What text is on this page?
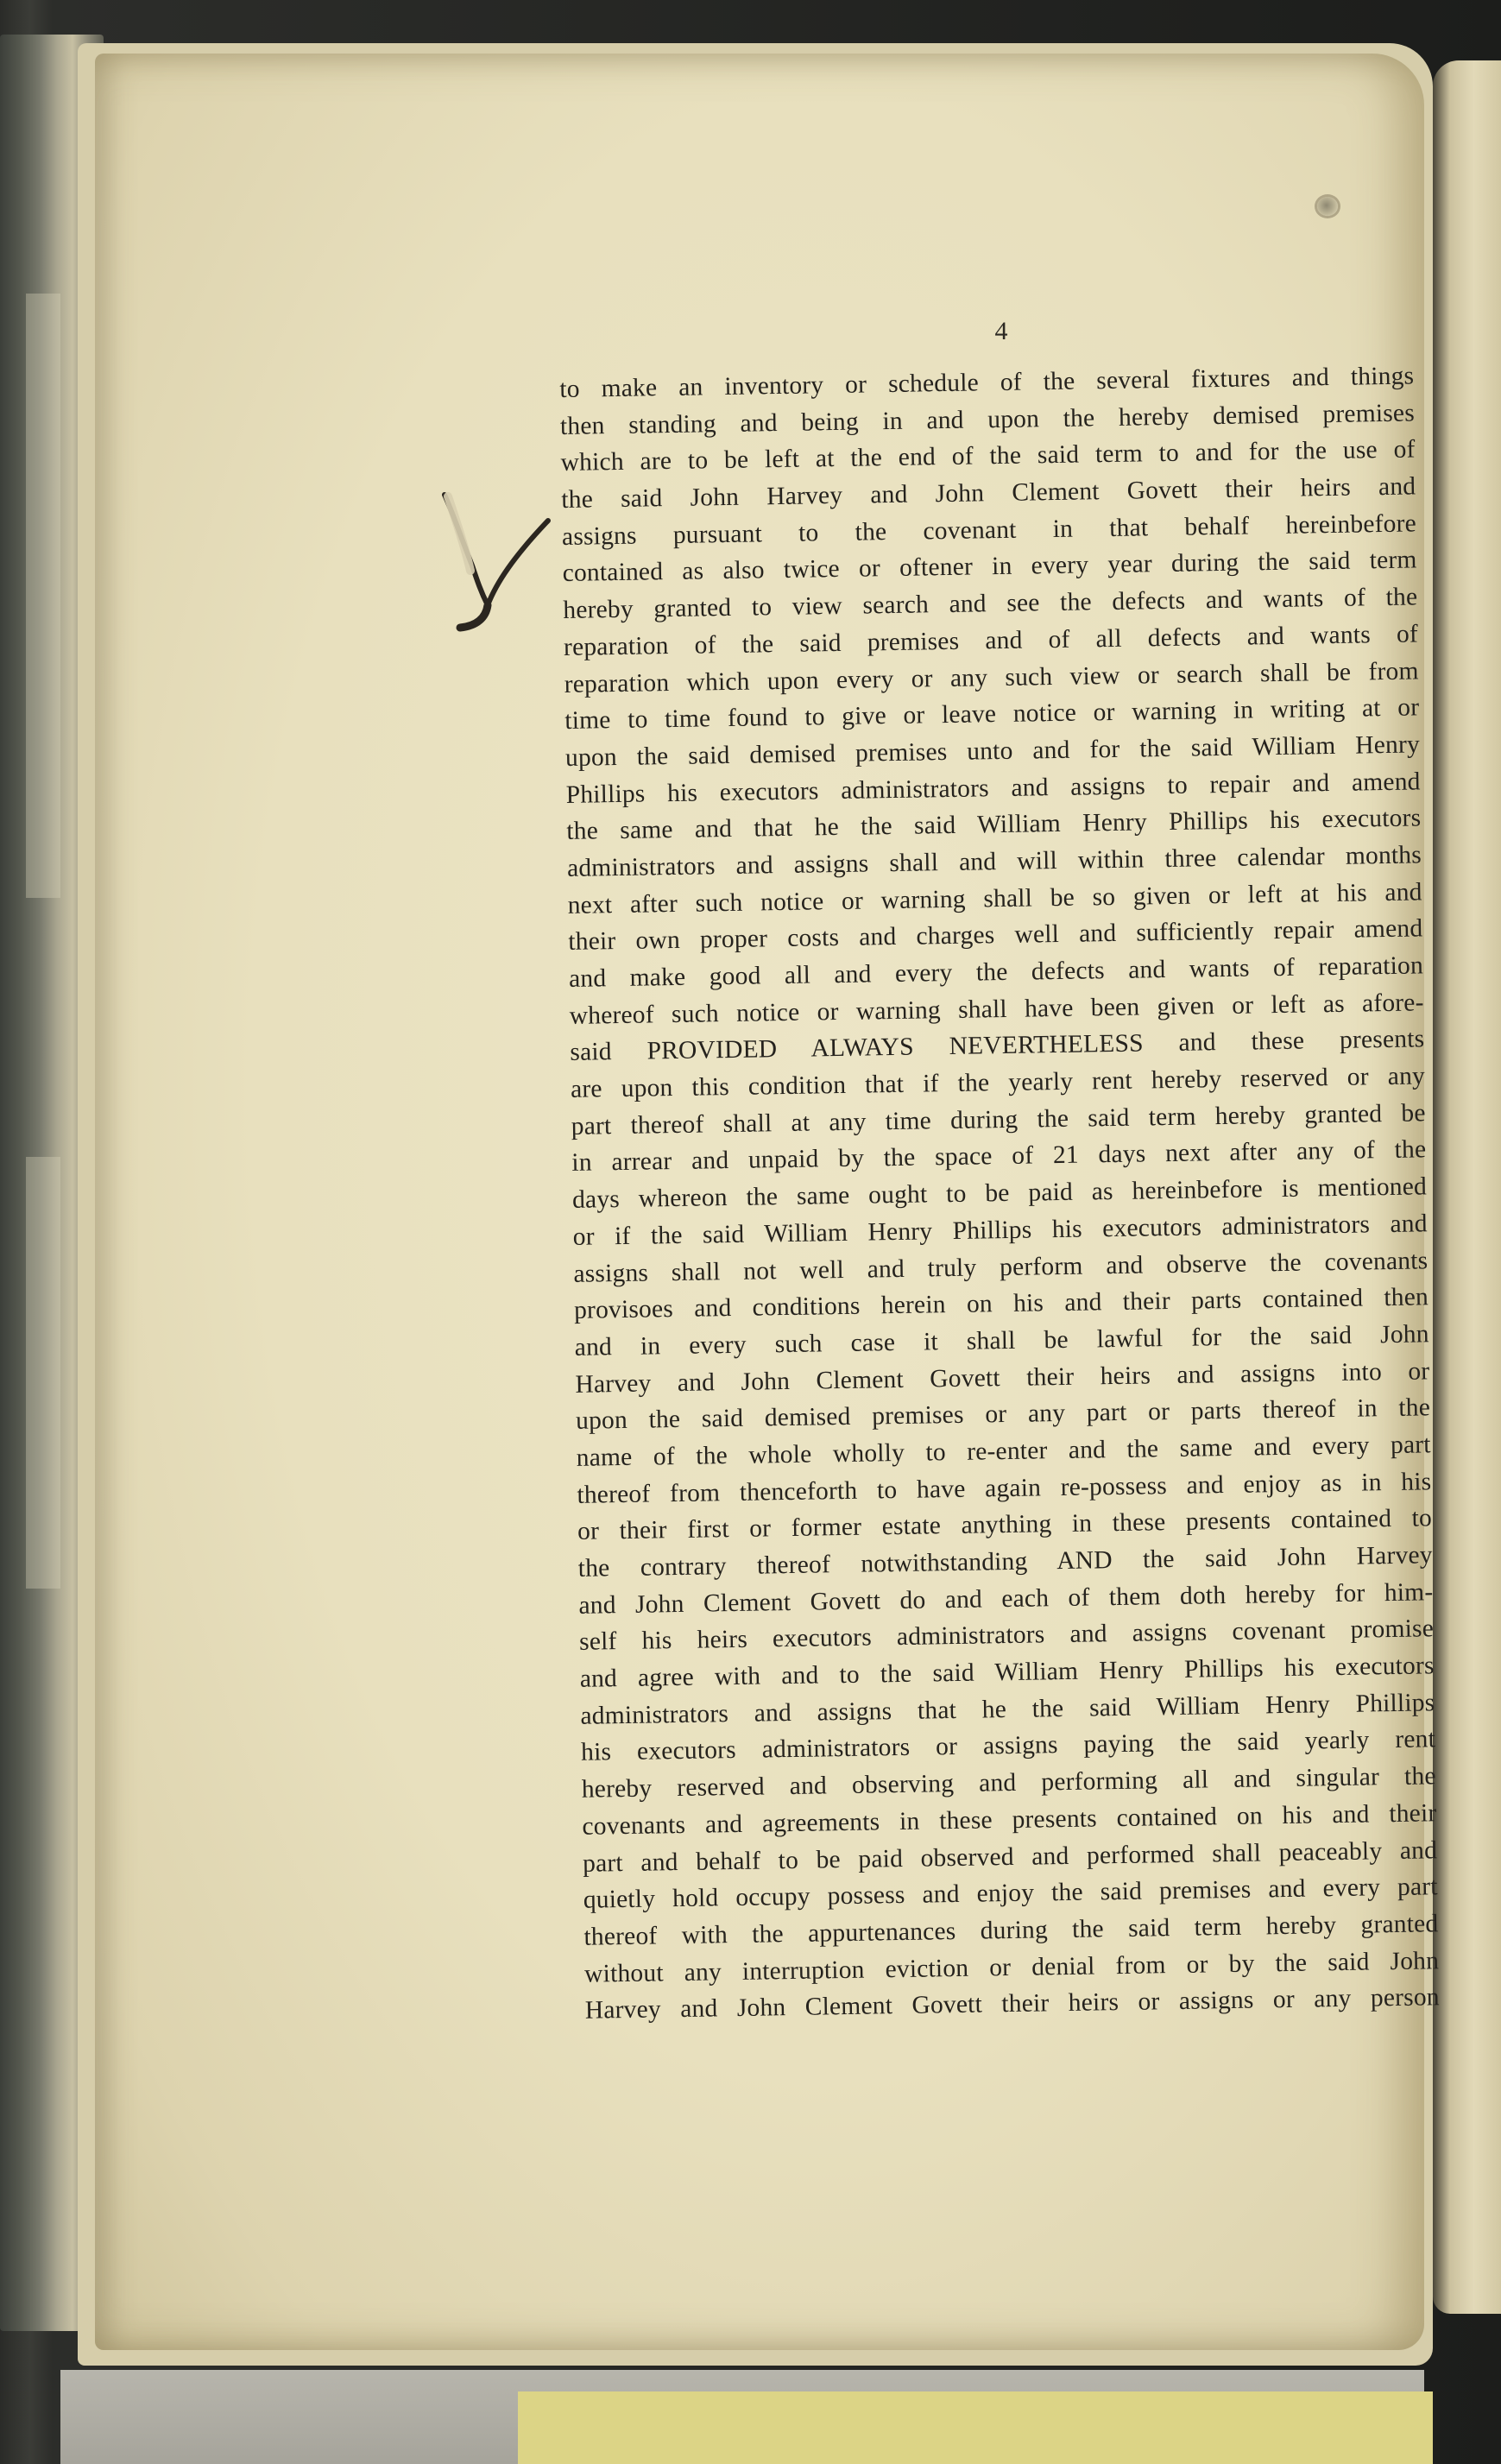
4
to make an inventory or schedule of the several fixtures and things
then standing and being in and upon the hereby demised premises
which are to be left at the end of the said term to and for the use of
the said John Harvey and John Clement Govett their heirs and
assigns pursuant to the covenant in that behalf hereinbefore
contained as also twice or oftener in every year during the said term
hereby granted to view search and see the defects and wants of the
reparation of the said premises and of all defects and wants of
reparation which upon every or any such view or search shall be from
time to time found to give or leave notice or warning in writing at or
upon the said demised premises unto and for the said William Henry
Phillips his executors administrators and assigns to repair and amend
the same and that he the said William Henry Phillips his executors
administrators and assigns shall and will within three calendar months
next after such notice or warning shall be so given or left at his and
their own proper costs and charges well and sufficiently repair amend
and make good all and every the defects and wants of reparation
whereof such notice or warning shall have been given or left as afore-
said PROVIDED ALWAYS NEVERTHELESS and these presents
are upon this condition that if the yearly rent hereby reserved or any
part thereof shall at any time during the said term hereby granted be
in arrear and unpaid by the space of 21 days next after any of the
days whereon the same ought to be paid as hereinbefore is mentioned
or if the said William Henry Phillips his executors administrators and
assigns shall not well and truly perform and observe the covenants
provisoes and conditions herein on his and their parts contained then
and in every such case it shall be lawful for the said John
Harvey and John Clement Govett their heirs and assigns into or
upon the said demised premises or any part or parts thereof in the
name of the whole wholly to re-enter and the same and every part
thereof from thenceforth to have again re-possess and enjoy as in his
or their first or former estate anything in these presents contained to
the contrary thereof notwithstanding AND the said John Harvey
and John Clement Govett do and each of them doth hereby for him-
self his heirs executors administrators and assigns covenant promise
and agree with and to the said William Henry Phillips his executors
administrators and assigns that he the said William Henry Phillips
his executors administrators or assigns paying the said yearly rent
hereby reserved and observing and performing all and singular the
covenants and agreements in these presents contained on his and their
part and behalf to be paid observed and performed shall peaceably and
quietly hold occupy possess and enjoy the said premises and every part
thereof with the appurtenances during the said term hereby granted
without any interruption eviction or denial from or by the said John
Harvey and John Clement Govett their heirs or assigns or any person
